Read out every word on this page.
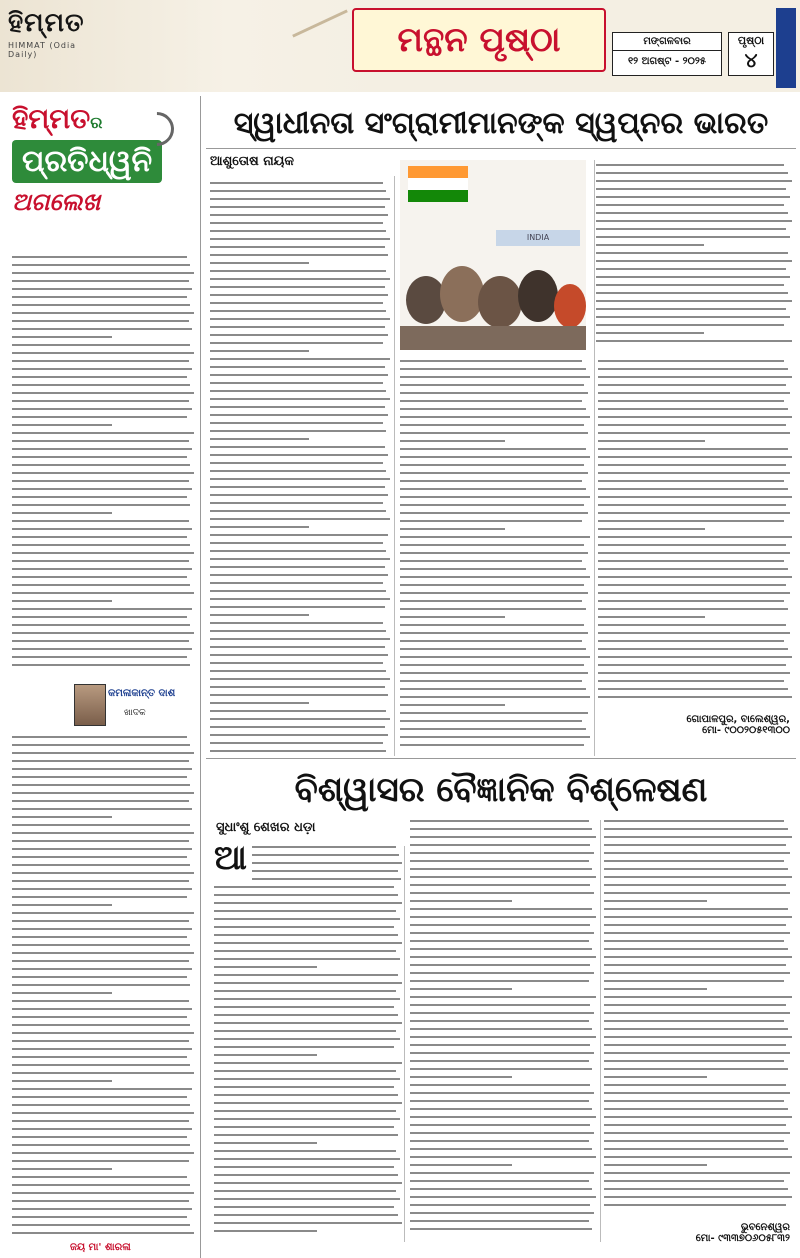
ହିମ୍ମତ
HIMMAT (Odia Daily)	ମନ୍ଥନ ପୃଷ୍ଠା	ମଙ୍ଗଳବାର
୧୨ ଅଗଷ୍ଟ - ୨୦୨୫
ପୃଷ୍ଠା
୪
ହିମ୍ମତର
ପ୍ରତିଧ୍ୱନି
ଅଗଲେଖ
କମଳାକାନ୍ତ ଦାଶ
ଖାଦକ
ଜୟ ମା' ଶାରଳା
ସ୍ୱାଧୀନତା ସଂଗ୍ରାମୀମାନଙ୍କ ସ୍ୱପ୍ନର ଭାରତ
ଆଶୁତୋଷ ନାୟକ
INDIA
ଗୋପାଳପୁର, ବାଲେଶ୍ୱର,
ମୋ- ୯୦୦୨୦୫୧୩୦୦
ବିଶ୍ୱାସର ବୈଜ୍ଞାନିକ ବିଶ୍ଳେଷଣ
ସୁଧାଂଶୁ ଶେଖର ଧଡ଼ା
ଆ
ଭୁବନେଶ୍ୱର
ମୋ- ୯୩୩୭୦୬୦୫୮୩୨
